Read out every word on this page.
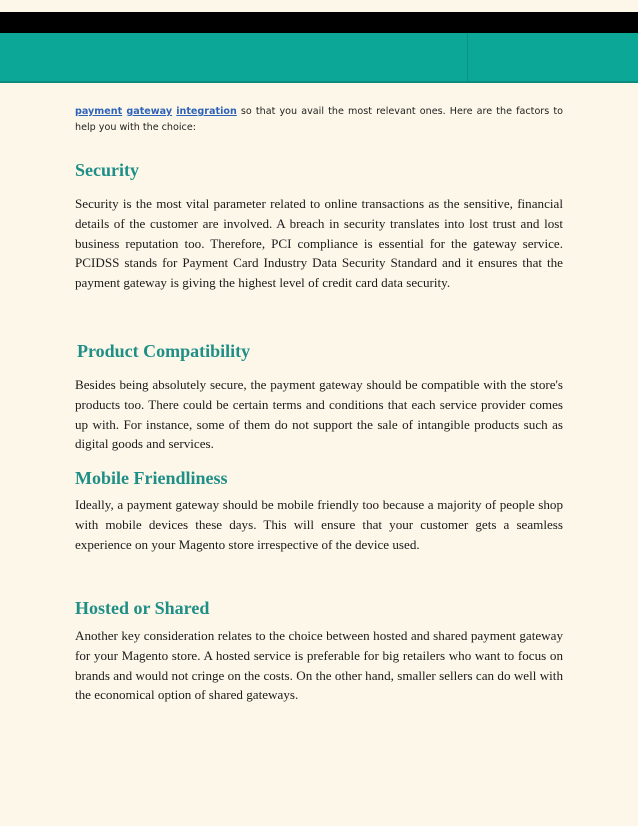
payment gateway integration so that you avail the most relevant ones. Here are the factors to help you with the choice:

Security

Security is the most vital parameter related to online transactions as the sensitive, financial details of the customer are involved. A breach in security translates into lost trust and lost business reputation too. Therefore, PCI compliance is essential for the gateway service. PCIDSS stands for Payment Card Industry Data Security Standard and it ensures that the payment gateway is giving the highest level of credit card data security.

Product Compatibility

Besides being absolutely secure, the payment gateway should be compatible with the store's products too. There could be certain terms and conditions that each service provider comes up with. For instance, some of them do not support the sale of intangible products such as digital goods and services.

Mobile Friendliness

Ideally, a payment gateway should be mobile friendly too because a majority of people shop with mobile devices these days. This will ensure that your customer gets a seamless experience on your Magento store irrespective of the device used.

Hosted or Shared

Another key consideration relates to the choice between hosted and shared payment gateway for your Magento store. A hosted service is preferable for big retailers who want to focus on brands and would not cringe on the costs. On the other hand, smaller sellers can do well with the economical option of shared gateways.
